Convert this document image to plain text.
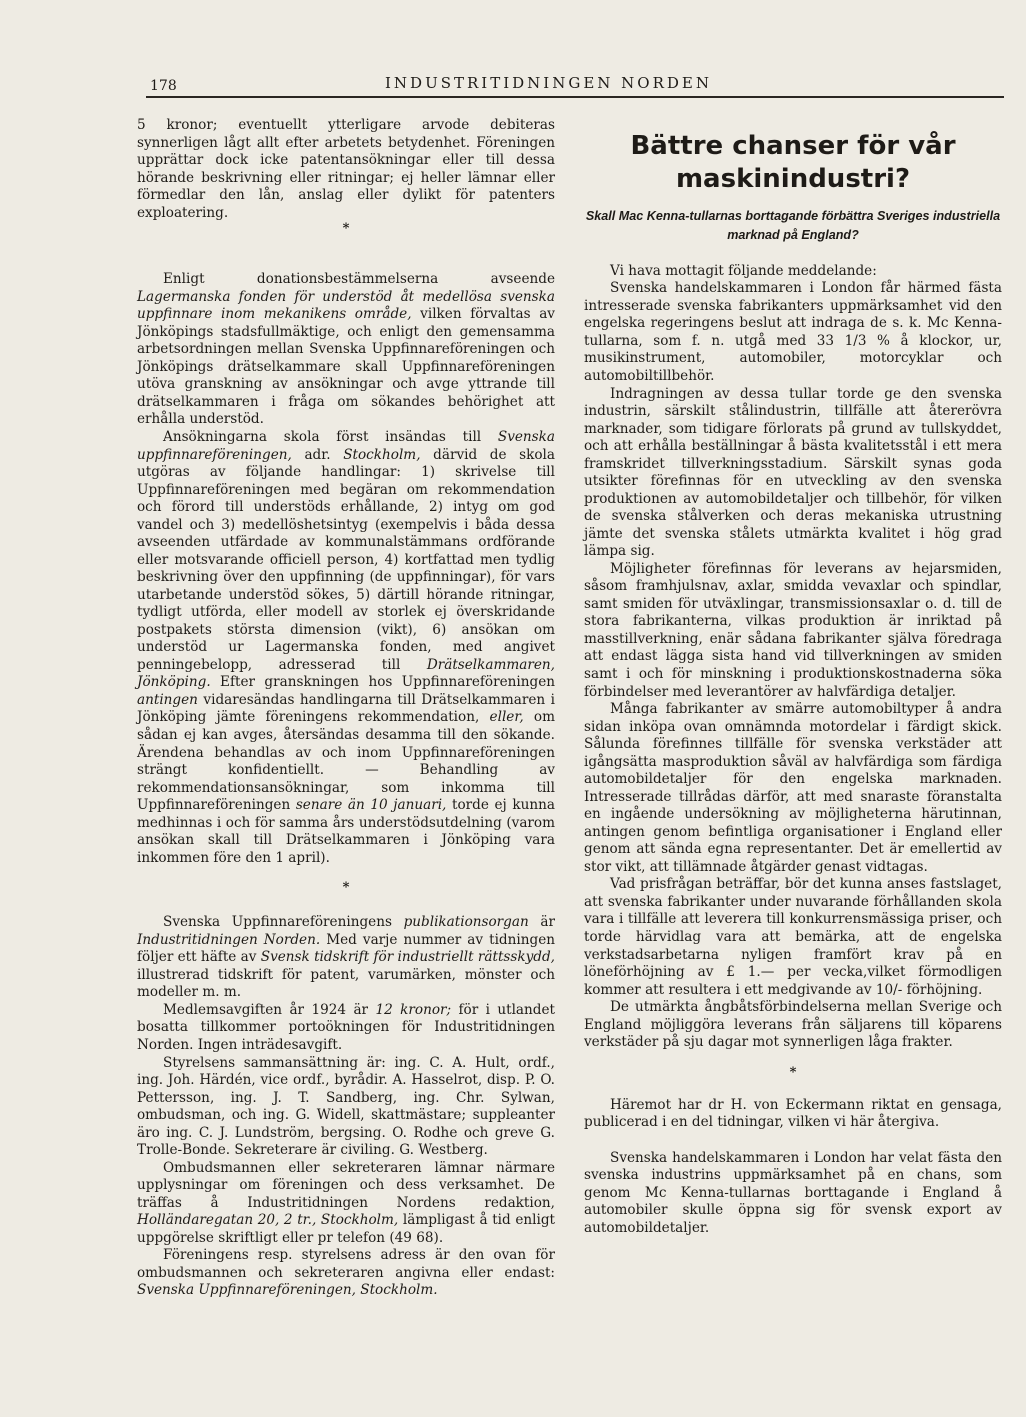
178	INDUSTRITIDNINGEN NORDEN

5 kronor; eventuellt ytterligare arvode debiteras synnerligen lågt allt efter arbetets betydenhet. Föreningen upprättar dock icke patentansökningar eller till dessa hörande beskrivning eller ritningar; ej heller lämnar eller förmedlar den lån, anslag eller dylikt för patenters exploatering.

*

Enligt donationsbestämmelserna avseende Lagermanska fonden för understöd åt medellösa svenska uppfinnare inom mekanikens område, vilken förvaltas av Jönköpings stadsfullmäktige, och enligt den gemensamma arbetsordningen mellan Svenska Uppfinnareföreningen och Jönköpings drätselkammare skall Uppfinnareföreningen utöva granskning av ansökningar och avge yttrande till drätselkammaren i fråga om sökandes behörighet att erhålla understöd.

Ansökningarna skola först insändas till Svenska uppfinnareföreningen, adr. Stockholm, därvid de skola utgöras av följande handlingar: 1) skrivelse till Uppfinnareföreningen med begäran om rekommendation och förord till understöds erhållande, 2) intyg om god vandel och 3) medellöshetsintyg (exempelvis i båda dessa avseenden utfärdade av kommunalstämmans ordförande eller motsvarande officiell person, 4) kortfattad men tydlig beskrivning över den uppfinning (de uppfinningar), för vars utarbetande understöd sökes, 5) därtill hörande ritningar, tydligt utförda, eller modell av storlek ej överskridande postpakets största dimension (vikt), 6) ansökan om understöd ur Lagermanska fonden, med angivet penningebelopp, adresserad till Drätselkammaren, Jönköping. Efter granskningen hos Uppfinnareföreningen antingen vidaresändas handlingarna till Drätselkammaren i Jönköping jämte föreningens rekommendation, eller, om sådan ej kan avges, återsändas desamma till den sökande. Ärendena behandlas av och inom Uppfinnareföreningen strängt konfidentiellt. — Behandling av rekommendationsansökningar, som inkomma till Uppfinnareföreningen senare än 10 januari, torde ej kunna medhinnas i och för samma års understödsutdelning (varom ansökan skall till Drätselkammaren i Jönköping vara inkommen före den 1 april).

*

Svenska Uppfinnareföreningens publikationsorgan är Industritidningen Norden. Med varje nummer av tidningen följer ett häfte av Svensk tidskrift för industriellt rättsskydd, illustrerad tidskrift för patent, varumärken, mönster och modeller m. m.

Medlemsavgiften år 1924 är 12 kronor; för i utlandet bosatta tillkommer portoökningen för Industritidningen Norden. Ingen inträdesavgift.

Styrelsens sammansättning är: ing. C. A. Hult, ordf., ing. Joh. Härdén, vice ordf., byrådir. A. Hasselrot, disp. P. O. Pettersson, ing. J. T. Sandberg, ing. Chr. Sylwan, ombudsman, och ing. G. Widell, skattmästare; suppleanter äro ing. C. J. Lundström, bergsing. O. Rodhe och greve G. Trolle-Bonde. Sekreterare är civiling. G. Westberg.

Ombudsmannen eller sekreteraren lämnar närmare upplysningar om föreningen och dess verksamhet. De träffas å Industritidningen Nordens redaktion, Holländaregatan 20, 2 tr., Stockholm, lämpligast å tid enligt uppgörelse skriftligt eller pr telefon (49 68).

Föreningens resp. styrelsens adress är den ovan för ombudsmannen och sekreteraren angivna eller endast: Svenska Uppfinnareföreningen, Stockholm.

Bättre chanser för vår maskinindustri?

Skall Mac Kenna-tullarnas borttagande förbättra Sveriges industriella marknad på England?

Vi hava mottagit följande meddelande:

Svenska handelskammaren i London får härmed fästa intresserade svenska fabrikanters uppmärksamhet vid den engelska regeringens beslut att indraga de s. k. Mc Kenna-tullarna, som f. n. utgå med 33 1/3 % å klockor, ur, musikinstrument, automobiler, motorcyklar och automobiltillbehör.

Indragningen av dessa tullar torde ge den svenska industrin, särskilt stålindustrin, tillfälle att återerövra marknader, som tidigare förlorats på grund av tullskyddet, och att erhålla beställningar å bästa kvalitetsstål i ett mera framskridet tillverkningsstadium. Särskilt synas goda utsikter förefinnas för en utveckling av den svenska produktionen av automobildetaljer och tillbehör, för vilken de svenska stålverken och deras mekaniska utrustning jämte det svenska stålets utmärkta kvalitet i hög grad lämpa sig.

Möjligheter förefinnas för leverans av hejarsmiden, såsom framhjulsnav, axlar, smidda vevaxlar och spindlar, samt smiden för utväxlingar, transmissionsaxlar o. d. till de stora fabrikanterna, vilkas produktion är inriktad på masstillverkning, enär sådana fabrikanter själva föredraga att endast lägga sista hand vid tillverkningen av smiden samt i och för minskning i produktionskostnaderna söka förbindelser med leverantörer av halvfärdiga detaljer.

Många fabrikanter av smärre automobiltyper å andra sidan inköpa ovan omnämnda motordelar i färdigt skick. Sålunda förefinnes tillfälle för svenska verkstäder att igångsätta masproduktion såväl av halvfärdiga som färdiga automobildetaljer för den engelska marknaden. Intresserade tillrådas därför, att med snaraste föranstalta en ingående undersökning av möjligheterna härutinnan, antingen genom befintliga organisationer i England eller genom att sända egna representanter. Det är emellertid av stor vikt, att tillämnade åtgärder genast vidtagas.

Vad prisfrågan beträffar, bör det kunna anses fastslaget, att svenska fabrikanter under nuvarande förhållanden skola vara i tillfälle att leverera till konkurrensmässiga priser, och torde härvidlag vara att bemärka, att de engelska verkstadsarbetarna nyligen framfört krav på en löneförhöjning av £ 1.— per vecka,vilket förmodligen kommer att resultera i ett medgivande av 10/- förhöjning.

De utmärkta ångbåtsförbindelserna mellan Sverige och England möjliggöra leverans från säljarens till köparens verkstäder på sju dagar mot synnerligen låga frakter.

*

Häremot har dr H. von Eckermann riktat en gensaga, publicerad i en del tidningar, vilken vi här återgiva.

Svenska handelskammaren i London har velat fästa den svenska industrins uppmärksamhet på en chans, som genom Mc Kenna-tullarnas borttagande i England å automobiler skulle öppna sig för svensk export av automobildetaljer.
